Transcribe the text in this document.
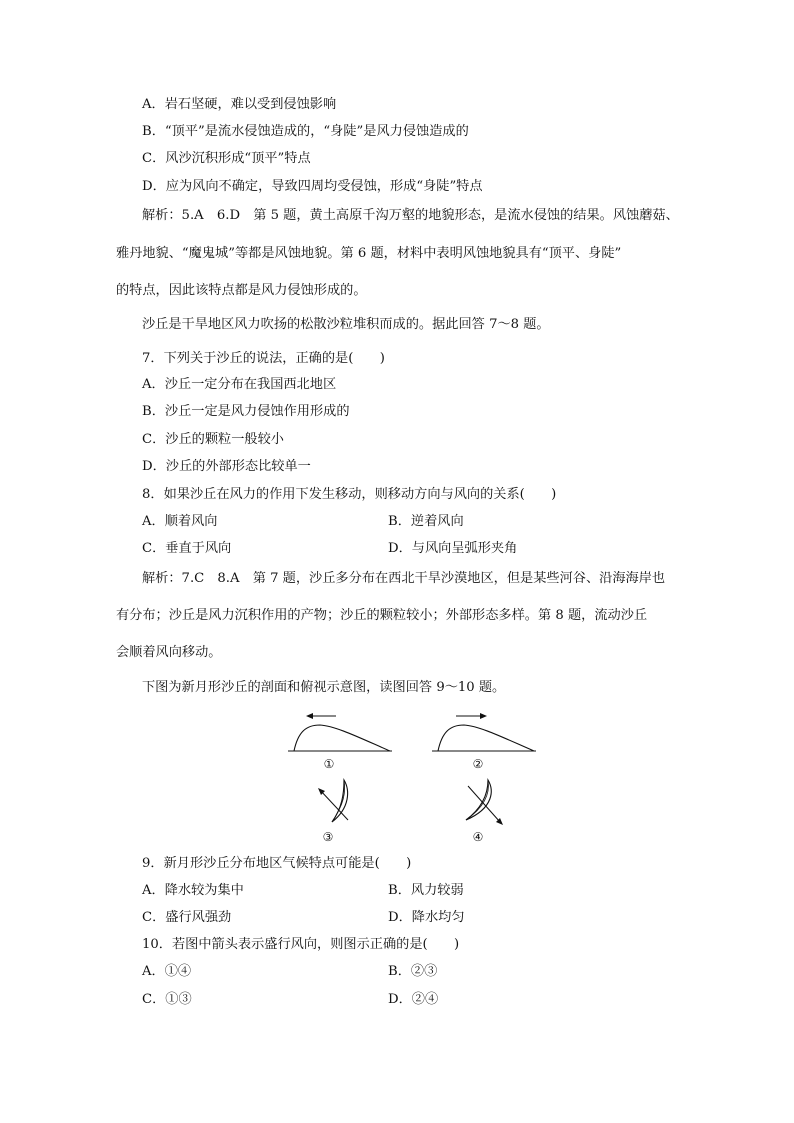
A．岩石坚硬，难以受到侵蚀影响
B．“顶平”是流水侵蚀造成的，“身陡”是风力侵蚀造成的
C．风沙沉积形成“顶平”特点
D．应为风向不确定，导致四周均受侵蚀，形成“身陡”特点
解析：5.A　6.D　第 5 题，黄土高原千沟万壑的地貌形态，是流水侵蚀的结果。风蚀蘑菇、
雅丹地貌、“魔鬼城”等都是风蚀地貌。第 6 题，材料中表明风蚀地貌具有“顶平、身陡”
的特点，因此该特点都是风力侵蚀形成的。
沙丘是干旱地区风力吹扬的松散沙粒堆积而成的。据此回答 7～8 题。
7．下列关于沙丘的说法，正确的是(　　)
A．沙丘一定分布在我国西北地区
B．沙丘一定是风力侵蚀作用形成的
C．沙丘的颗粒一般较小
D．沙丘的外部形态比较单一
8．如果沙丘在风力的作用下发生移动，则移动方向与风向的关系(　　)
A．顺着风向	B．逆着风向
C．垂直于风向	D．与风向呈弧形夹角
解析：7.C　8.A　第 7 题，沙丘多分布在西北干旱沙漠地区，但是某些河谷、沿海海岸也
有分布；沙丘是风力沉积作用的产物；沙丘的颗粒较小；外部形态多样。第 8 题，流动沙丘
会顺着风向移动。
下图为新月形沙丘的剖面和俯视示意图，读图回答 9～10 题。
①	②
③	④
9．新月形沙丘分布地区气候特点可能是(　　)
A．降水较为集中	B．风力较弱
C．盛行风强劲	D．降水均匀
10．若图中箭头表示盛行风向，则图示正确的是(　　)
A．①④	B．②③
C．①③	D．②④
